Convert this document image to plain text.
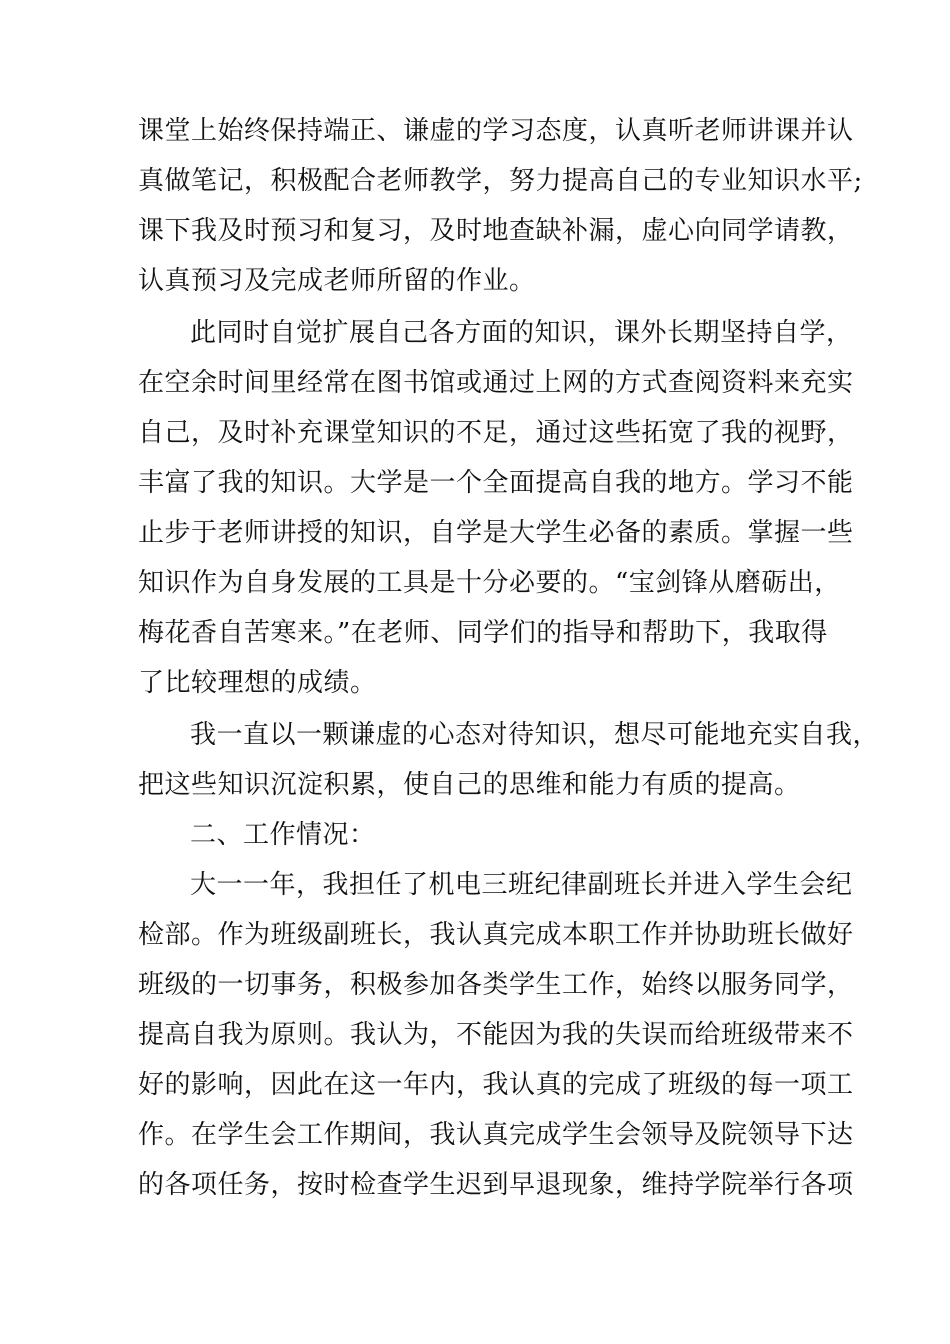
课堂上始终保持端正、谦虚的学习态度，认真听老师讲课并认
真做笔记，积极配合老师教学，努力提高自己的专业知识水平;
课下我及时预习和复习，及时地查缺补漏，虚心向同学请教，
认真预习及完成老师所留的作业。
此同时自觉扩展自己各方面的知识，课外长期坚持自学，
在空余时间里经常在图书馆或通过上网的方式查阅资料来充实
自己，及时补充课堂知识的不足，通过这些拓宽了我的视野，
丰富了我的知识。大学是一个全面提高自我的地方。学习不能
止步于老师讲授的知识，自学是大学生必备的素质。掌握一些
知识作为自身发展的工具是十分必要的。“宝剑锋从磨砺出，
梅花香自苦寒来。”在老师、同学们的指导和帮助下，我取得
了比较理想的成绩。
我一直以一颗谦虚的心态对待知识，想尽可能地充实自我，
把这些知识沉淀积累，使自己的思维和能力有质的提高。
二、工作情况：
大一一年，我担任了机电三班纪律副班长并进入学生会纪
检部。作为班级副班长，我认真完成本职工作并协助班长做好
班级的一切事务，积极参加各类学生工作，始终以服务同学，
提高自我为原则。我认为，不能因为我的失误而给班级带来不
好的影响，因此在这一年内，我认真的完成了班级的每一项工
作。在学生会工作期间，我认真完成学生会领导及院领导下达
的各项任务，按时检查学生迟到早退现象，维持学院举行各项
